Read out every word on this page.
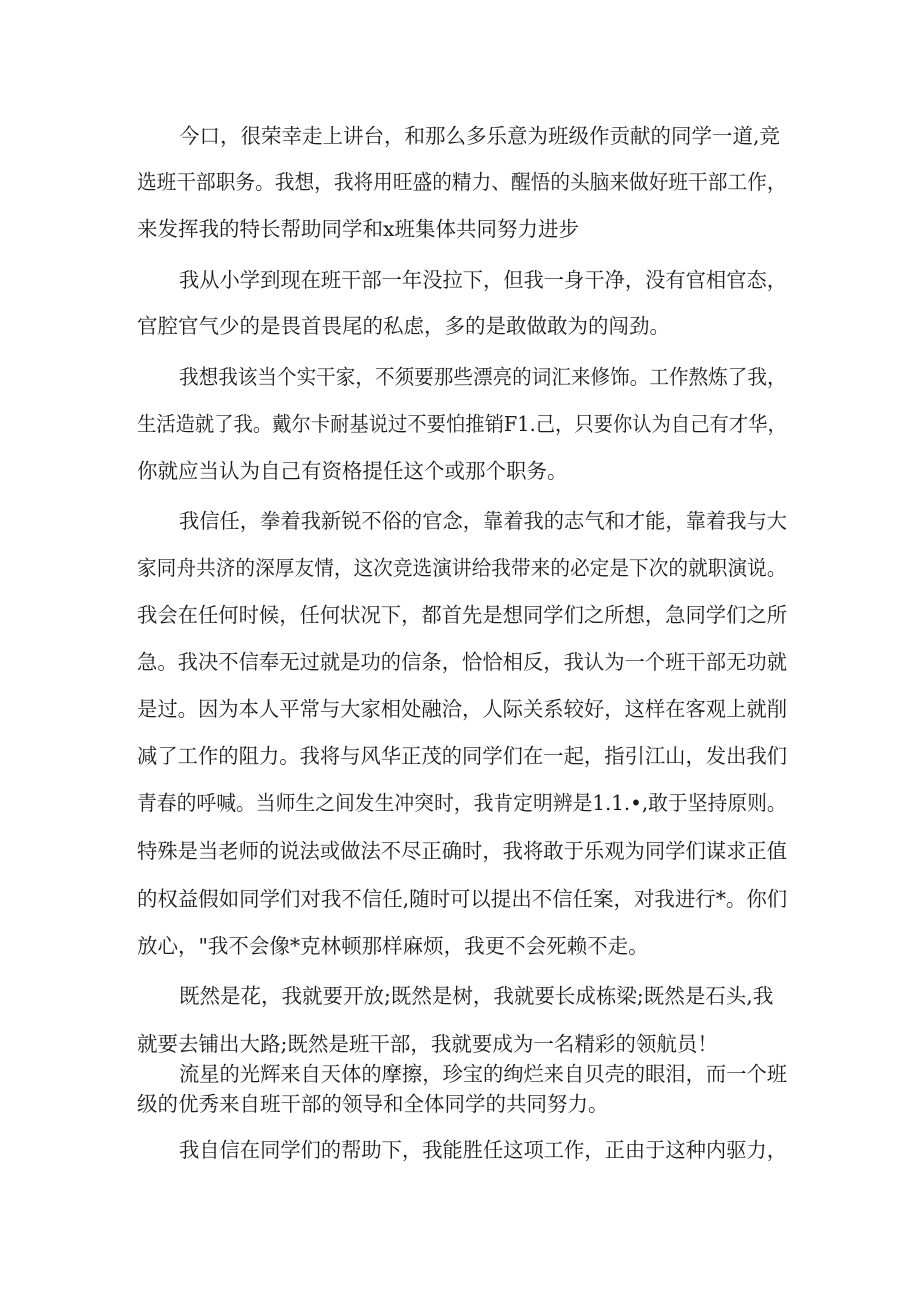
今口，很荣幸走上讲台，和那么多乐意为班级作贡献的同学一道,竞
选班干部职务。我想，我将用旺盛的精力、醒悟的头脑来做好班干部工作，
来发挥我的特长帮助同学和x班集体共同努力进步
我从小学到现在班干部一年没拉下，但我一身干净，没有官相官态，
官腔官气少的是畏首畏尾的私虑，多的是敢做敢为的闯劲。
我想我该当个实干家，不须要那些漂亮的词汇来修饰。工作熬炼了我，
生活造就了我。戴尔卡耐基说过不要怕推销F1.己，只要你认为自己有才华，
你就应当认为自己有资格提任这个或那个职务。
我信任，拳着我新锐不俗的官念，靠着我的志气和才能，靠着我与大
家同舟共济的深厚友情，这次竞选演讲给我带来的必定是下次的就职演说。
我会在任何时候，任何状况下，都首先是想同学们之所想，急同学们之所
急。我决不信奉无过就是功的信条，恰恰相反，我认为一个班干部无功就
是过。因为本人平常与大家相处融洽，人际关系较好，这样在客观上就削
减了工作的阻力。我将与风华正茂的同学们在一起，指引江山，发出我们
青春的呼喊。当师生之间发生冲突时，我肯定明辨是1.1.•,敢于坚持原则。
特殊是当老师的说法或做法不尽正确时，我将敢于乐观为同学们谋求正值
的权益假如同学们对我不信任,随时可以提出不信任案，对我进行*。你们
放心，"我不会像*克林顿那样麻烦，我更不会死赖不走。
既然是花，我就要开放;既然是树，我就要长成栋梁;既然是石头,我
就要去铺出大路;既然是班干部，我就要成为一名精彩的领航员！
流星的光辉来自天体的摩擦，珍宝的绚烂来自贝壳的眼泪，而一个班
级的优秀来自班干部的领导和全体同学的共同努力。
我自信在同学们的帮助下，我能胜任这项工作，正由于这种内驱力，
